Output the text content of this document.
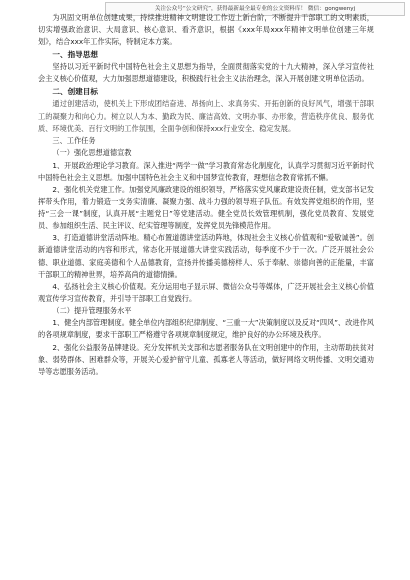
关注公众号“公文研究”，获得最新最全最专业的公文资料库！ 微信：gongwenyj

为巩固文明单位创建成果，持续推进精神文明建设工作迈上新台阶，不断提升干部职工的文明素质，切实增强政治意识、大局意识、核心意识、看齐意识，根据《xxx年局xxx年精神文明单位创建三年规划》，结合xxx年工作实际，特制定本方案。

一、指导思想

坚持以习近平新时代中国特色社会主义思想为指导，全面贯彻落实党的十九大精神，深入学习宣传社会主义核心价值观，大力加强思想道德建设，积极践行社会主义法治理念，深入开展创建文明单位活动。

二、创建目标

通过创建活动，使机关上下形成团结奋进、昂扬向上、求真务实、开拓创新的良好风气，增强干部职工的凝聚力和向心力。树立以人为本、勤政为民、廉洁高效、文明办事、办形象，营造秩序优良、服务优质、环境优美、百行文明的工作氛围，全面争创和保持xxx行业安全、稳定发展。

三、工作任务
（一）强化思想道德宣教

1、开展政治理论学习教育。深入推进“两学一做”学习教育常态化制度化，认真学习贯彻习近平新时代中国特色社会主义思想。加强中国特色社会主义和中国梦宣传教育，理想信念教育常抓不懈。

2、强化机关党建工作。加强党风廉政建设的组织领导，严格落实党风廉政建设责任制，党支部书记发挥带头作用，着力锻造一支务实清廉、凝聚力强、战斗力强的领导班子队伍。有效发挥党组织的作用，坚持“三会一课”制度，认真开展“主题党日”等党建活动。健全党员长效管理机制，强化党员教育、发展党员、参加组织生活、民主评议、纪实管理等制度，发挥党员先锋模范作用。

3、打造道德讲堂活动阵地。精心布置道德讲堂活动阵地，体现社会主义核心价值观和“爱敬诚善”。创新道德讲堂活动的内容和形式，常态化开展道德大讲堂实践活动，每季度不少于一次。广泛开展社会公德、职业道德、家庭美德和个人品德教育，宣扬并传播美德榜样人、乐于奉献、崇德向善的正能量，丰富干部职工的精神世界，培养高尚的道德情操。

4、弘扬社会主义核心价值观。充分运用电子显示屏、微信公众号等媒体，广泛开展社会主义核心价值观宣传学习宣传教育，并引导干部职工自觉践行。

（二）提升管理服务水平

1、健全内部管理制度。健全单位内部组织纪律制度、“三重一大”决策制度以及反对“四风”、改进作风的各项规章制度，要求干部职工严格遵守各项规章制度规定，维护良好的办公环境及秩序。

2、强化公益服务品牌建设。充分发挥机关支部和志愿者服务队在文明创建中的作用，主动帮助扶贫对象、弱势群体、困难群众等，开展关心爱护留守儿童、孤寡老人等活动，做好网络文明传播、文明交通劝导等志愿服务活动。
